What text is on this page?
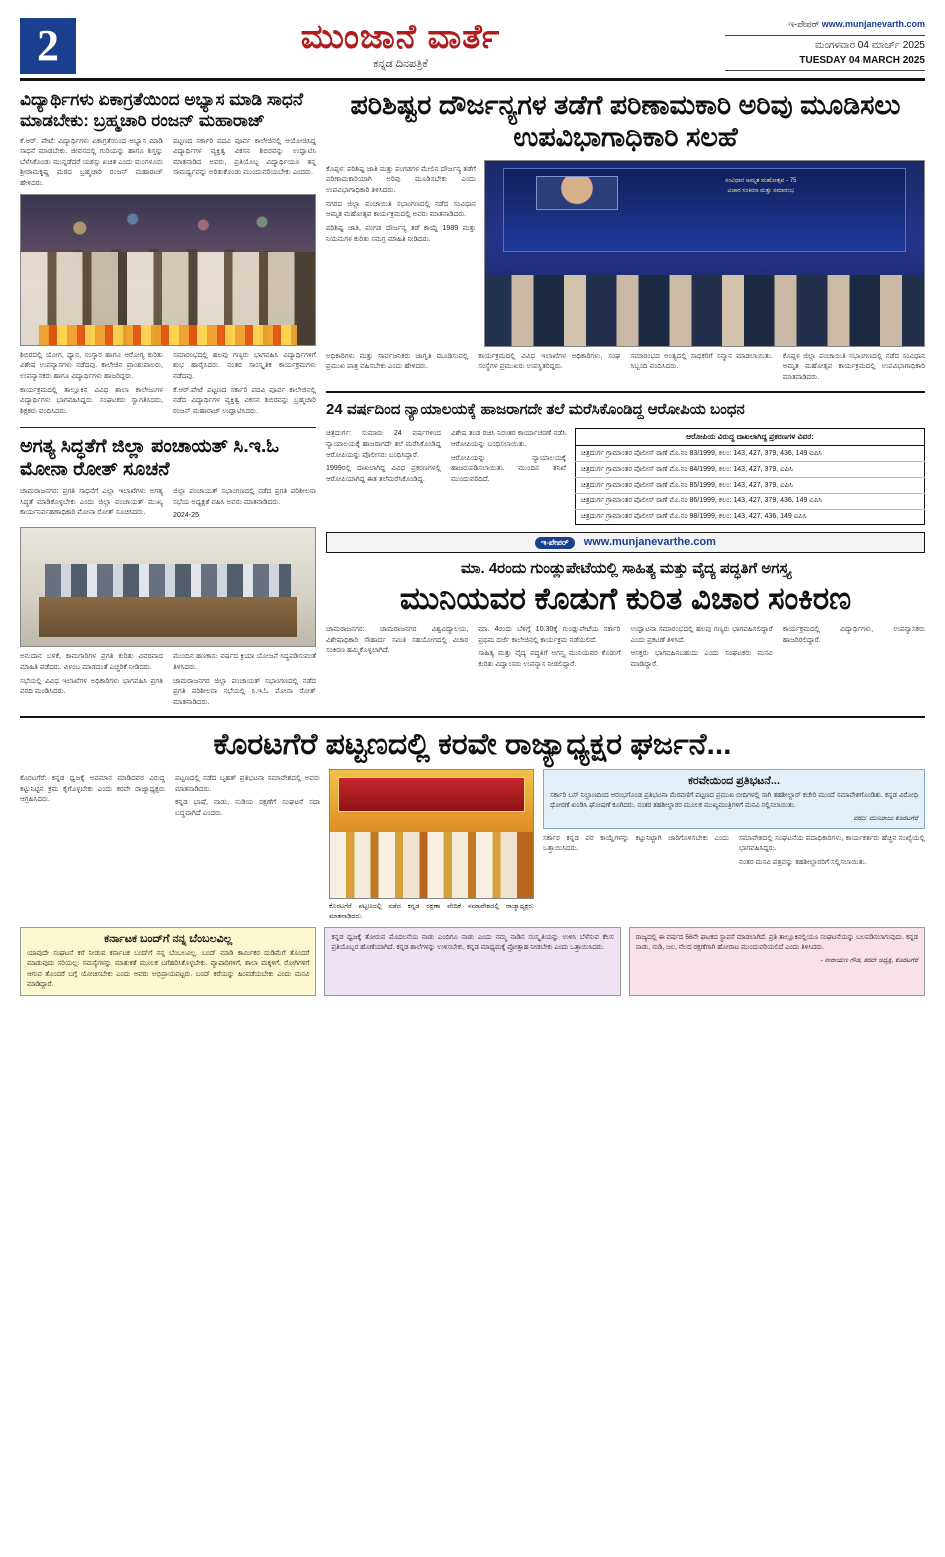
2	ಮುಂಜಾನೆ ವಾರ್ತೆ
ಕನ್ನಡ ದಿನಪತ್ರಿಕೆ
ಇ-ಪೇಪರ್ www.munjanevarth.com
ಮಂಗಳವಾರ 04 ಮಾರ್ಚ್ 2025
TUESDAY 04 MARCH 2025
ವಿದ್ಯಾರ್ಥಿಗಳು ಏಕಾಗ್ರತೆಯಿಂದ ಅಭ್ಯಾಸ ಮಾಡಿ ಸಾಧನೆ ಮಾಡಬೇಕು: ಬ್ರಹ್ಮಚಾರಿ ರಂಜನ್ ಮಹಾರಾಜ್

ಕೆ.ಆರ್. ಪೇಟೆ: ವಿದ್ಯಾರ್ಥಿಗಳು ಏಕಾಗ್ರತೆಯಿಂದ ಅಭ್ಯಾಸ ಮಾಡಿ ಸಾಧನೆ ಮಾಡಬೇಕು. ಜೀವನದಲ್ಲಿ ಗುರಿಯನ್ನು ಹಾಗೂ ಶಿಸ್ತನ್ನು ಬೆಳೆಸಿಕೊಂಡು ಮುನ್ನಡೆದರೆ ಯಶಸ್ಸು ಖಚಿತ ಎಂದು ಮಂಗಳೂರು ಶ್ರೀರಾಮಕೃಷ್ಣ ಮಠದ ಬ್ರಹ್ಮಚಾರಿ ರಂಜನ್ ಮಹಾರಾಜ್ ಹೇಳಿದರು.

ಪಟ್ಟಣದ ಸರ್ಕಾರಿ ಪದವಿ ಪೂರ್ವ ಕಾಲೇಜಿನಲ್ಲಿ ಆಯೋಜಿಸಿದ್ದ ವಿದ್ಯಾರ್ಥಿಗಳ ವ್ಯಕ್ತಿತ್ವ ವಿಕಸನ ಶಿಬಿರವನ್ನು ಉದ್ಘಾಟಿಸಿ ಮಾತನಾಡಿದ ಅವರು, ಪ್ರತಿಯೊಬ್ಬ ವಿದ್ಯಾರ್ಥಿಯೂ ತನ್ನ ಸಾಮರ್ಥ್ಯವನ್ನು ಅರಿತುಕೊಂಡು ಮುಂದುವರಿಯಬೇಕು ಎಂದರು.

ಶಿಬಿರದಲ್ಲಿ ಯೋಗ, ಧ್ಯಾನ, ಸಂಸ್ಕಾರ ಹಾಗೂ ಆರೋಗ್ಯ ಕುರಿತು ವಿಶೇಷ ಉಪನ್ಯಾಸಗಳು ನಡೆದವು. ಕಾಲೇಜಿನ ಪ್ರಾಂಶುಪಾಲರು, ಉಪನ್ಯಾಸಕರು ಹಾಗೂ ವಿದ್ಯಾರ್ಥಿಗಳು ಹಾಜರಿದ್ದರು.

ಕಾರ್ಯಕ್ರಮದಲ್ಲಿ ತಾಲ್ಲೂಕಿನ ವಿವಿಧ ಶಾಲಾ ಕಾಲೇಜುಗಳ ವಿದ್ಯಾರ್ಥಿಗಳು ಭಾಗವಹಿಸಿದ್ದರು. ಸಂಘಟಕರು ಸ್ವಾಗತಿಸಿದರು, ಶಿಕ್ಷಕರು ವಂದಿಸಿದರು.

ಸಮಾರಂಭದಲ್ಲಿ ಹಲವು ಗಣ್ಯರು ಭಾಗವಹಿಸಿ ವಿದ್ಯಾರ್ಥಿಗಳಿಗೆ ಶುಭ ಹಾರೈಸಿದರು. ನಂತರ ಸಾಂಸ್ಕೃತಿಕ ಕಾರ್ಯಕ್ರಮಗಳು ನಡೆದವು.

ಕೆ.ಆರ್.ಪೇಟೆ ಪಟ್ಟಣದ ಸರ್ಕಾರಿ ಪದವಿ ಪೂರ್ವ ಕಾಲೇಜಿನಲ್ಲಿ ನಡೆದ ವಿದ್ಯಾರ್ಥಿಗಳ ವ್ಯಕ್ತಿತ್ವ ವಿಕಸನ ಶಿಬಿರವನ್ನು ಬ್ರಹ್ಮಚಾರಿ ರಂಜನ್ ಮಹಾರಾಜ್ ಉದ್ಘಾಟಿಸಿದರು.

ಅಗತ್ಯ ಸಿದ್ಧತೆಗೆ ಜಿಲ್ಲಾ ಪಂಚಾಯತ್ ಸಿ.ಇ.ಓ ಮೋನಾ ರೋತ್ ಸೂಚನೆ

ಚಾಮರಾಜನಗರ: ಪ್ರಗತಿ ಸಾಧನೆಗೆ ಎಲ್ಲಾ ಇಲಾಖೆಗಳು ಅಗತ್ಯ ಸಿದ್ಧತೆ ಮಾಡಿಕೊಳ್ಳಬೇಕು ಎಂದು ಜಿಲ್ಲಾ ಪಂಚಾಯತ್ ಮುಖ್ಯ ಕಾರ್ಯನಿರ್ವಹಣಾಧಿಕಾರಿ ಮೋನಾ ರೋತ್ ಸೂಚಿಸಿದರು.

ಜಿಲ್ಲಾ ಪಂಚಾಯತ್ ಸಭಾಂಗಣದಲ್ಲಿ ನಡೆದ ಪ್ರಗತಿ ಪರಿಶೀಲನಾ ಸಭೆಯ ಅಧ್ಯಕ್ಷತೆ ವಹಿಸಿ ಅವರು ಮಾತನಾಡಿದರು.

2024-25

ಅನುದಾನ ಬಳಕೆ, ಕಾಮಗಾರಿಗಳ ಪ್ರಗತಿ ಕುರಿತು ವಿವರವಾದ ಮಾಹಿತಿ ಪಡೆದರು. ವಿಳಂಬ ಮಾಡದಂತೆ ಎಚ್ಚರಿಕೆ ನೀಡಿದರು.

ಸಭೆಯಲ್ಲಿ ವಿವಿಧ ಇಲಾಖೆಗಳ ಅಧಿಕಾರಿಗಳು ಭಾಗವಹಿಸಿ ಪ್ರಗತಿ ವರದಿ ಮಂಡಿಸಿದರು.

ಮುಂದಿನ ಹಣಕಾಸು ವರ್ಷದ ಕ್ರಿಯಾ ಯೋಜನೆ ಸಿದ್ಧಪಡಿಸುವಂತೆ ತಿಳಿಸಿದರು.

ಚಾಮರಾಜನಗರ ಜಿಲ್ಲಾ ಪಂಚಾಯತ್ ಸಭಾಂಗಣದಲ್ಲಿ ನಡೆದ ಪ್ರಗತಿ ಪರಿಶೀಲನಾ ಸಭೆಯಲ್ಲಿ ಸಿ.ಇ.ಓ ಮೋನಾ ರೋತ್ ಮಾತನಾಡಿದರು.

ಪರಿಶಿಷ್ಟರ ದೌರ್ಜನ್ಯಗಳ ತಡೆಗೆ ಪರಿಣಾಮಕಾರಿ ಅರಿವು ಮೂಡಿಸಲು ಉಪವಿಭಾಗಾಧಿಕಾರಿ ಸಲಹೆ

ಕೊಪ್ಪಳ: ಪರಿಶಿಷ್ಟ ಜಾತಿ ಮತ್ತು ಪಂಗಡಗಳ ಮೇಲಿನ ದೌರ್ಜನ್ಯ ತಡೆಗೆ ಪರಿಣಾಮಕಾರಿಯಾಗಿ ಅರಿವು ಮೂಡಿಸಬೇಕು ಎಂದು ಉಪವಿಭಾಗಾಧಿಕಾರಿ ತಿಳಿಸಿದರು.

ನಗರದ ಜಿಲ್ಲಾ ಪಂಚಾಯಿತಿ ಸಭಾಂಗಣದಲ್ಲಿ ನಡೆದ ಸಂವಿಧಾನ ಅಮೃತ ಮಹೋತ್ಸವ ಕಾರ್ಯಕ್ರಮದಲ್ಲಿ ಅವರು ಮಾತನಾಡಿದರು.

ಪರಿಶಿಷ್ಟ ಜಾತಿ, ಪಂಗಡ ದೌರ್ಜನ್ಯ ತಡೆ ಕಾಯ್ದೆ 1989 ಮತ್ತು ನಿಯಮಗಳ ಕುರಿತು ಸಮಗ್ರ ಮಾಹಿತಿ ನೀಡಿದರು.

ಸಂವಿಧಾನ ಅಮೃತ ಮಹೋತ್ಸವ - 75
ವಿಚಾರ ಸಂಕಿರಣ ಮತ್ತು ಸಮಾರಂಭ

ಅಧಿಕಾರಿಗಳು ಮತ್ತು ಸಾರ್ವಜನಿಕರು ಜಾಗೃತಿ ಮೂಡಿಸುವಲ್ಲಿ ಪ್ರಮುಖ ಪಾತ್ರ ವಹಿಸಬೇಕು ಎಂದು ಹೇಳಿದರು.

ಕಾರ್ಯಕ್ರಮದಲ್ಲಿ ವಿವಿಧ ಇಲಾಖೆಗಳ ಅಧಿಕಾರಿಗಳು, ಸಂಘ ಸಂಸ್ಥೆಗಳ ಪ್ರಮುಖರು ಉಪಸ್ಥಿತರಿದ್ದರು.

ಸಮಾರಂಭದ ಅಂತ್ಯದಲ್ಲಿ ಸಾಧಕರಿಗೆ ಸನ್ಮಾನ ಮಾಡಲಾಯಿತು. ಸಿಬ್ಬಂದಿ ವಂದಿಸಿದರು.

ಕೊಪ್ಪಳ ಜಿಲ್ಲಾ ಪಂಚಾಯಿತಿ ಸಭಾಂಗಣದಲ್ಲಿ ನಡೆದ ಸಂವಿಧಾನ ಅಮೃತ ಮಹೋತ್ಸವ ಕಾರ್ಯಕ್ರಮದಲ್ಲಿ ಉಪವಿಭಾಗಾಧಿಕಾರಿ ಮಾತನಾಡಿದರು.

24 ವರ್ಷದಿಂದ ನ್ಯಾಯಾಲಯಕ್ಕೆ ಹಾಜರಾಗದೇ ತಲೆ ಮರೆಸಿಕೊಂಡಿದ್ದ ಆರೋಪಿಯ ಬಂಧನ

ಚಿತ್ರದುರ್ಗ: ಸುಮಾರು 24 ವರ್ಷಗಳಿಂದ ನ್ಯಾಯಾಲಯಕ್ಕೆ ಹಾಜರಾಗದೇ ತಲೆ ಮರೆಸಿಕೊಂಡಿದ್ದ ಆರೋಪಿಯನ್ನು ಪೊಲೀಸರು ಬಂಧಿಸಿದ್ದಾರೆ.

1999ರಲ್ಲಿ ದಾಖಲಾಗಿದ್ದ ವಿವಿಧ ಪ್ರಕರಣಗಳಲ್ಲಿ ಆರೋಪಿಯಾಗಿದ್ದ ಈತ ತಲೆಮರೆಸಿಕೊಂಡಿದ್ದ.

ವಿಶೇಷ ತಂಡ ರಚಿಸಿ ನಿರಂತರ ಕಾರ್ಯಾಚರಣೆ ನಡೆಸಿ ಆರೋಪಿಯನ್ನು ಬಂಧಿಸಲಾಯಿತು.

ಆರೋಪಿಯನ್ನು ನ್ಯಾಯಾಲಯಕ್ಕೆ ಹಾಜರುಪಡಿಸಲಾಯಿತು. ಮುಂದಿನ ತನಿಖೆ ಮುಂದುವರಿದಿದೆ.

ಆರೋಪಿಯ ವಿರುದ್ಧ ದಾಖಲಾಗಿದ್ದ ಪ್ರಕರಣಗಳ ವಿವರ:
ಚಿತ್ರದುರ್ಗ ಗ್ರಾಮಾಂತರ ಪೊಲೀಸ್ ಠಾಣೆ ಮೊ.ನಂ 83/1999, ಕಲಂ: 143, 427, 379, 436, 149 ಐಪಿಸಿ
ಚಿತ್ರದುರ್ಗ ಗ್ರಾಮಾಂತರ ಪೊಲೀಸ್ ಠಾಣೆ ಮೊ.ನಂ 84/1999, ಕಲಂ: 143, 427, 379, ಐಪಿಸಿ
ಚಿತ್ರದುರ್ಗ ಗ್ರಾಮಾಂತರ ಪೊಲೀಸ್ ಠಾಣೆ ಮೊ.ನಂ 85/1999, ಕಲಂ: 143, 427, 379, ಐಪಿಸಿ
ಚಿತ್ರದುರ್ಗ ಗ್ರಾಮಾಂತರ ಪೊಲೀಸ್ ಠಾಣೆ ಮೊ.ನಂ 86/1999, ಕಲಂ: 143, 427, 379, 436, 149 ಐಪಿಸಿ
ಚಿತ್ರದುರ್ಗ ಗ್ರಾಮಾಂತರ ಪೊಲೀಸ್ ಠಾಣೆ ಮೊ.ನಂ 98/1999, ಕಲಂ: 143, 427, 436, 149 ಐಪಿಸಿ
ಇ-ಪೇಪರ್ www.munjanevarthe.com
ಮಾ. 4ರಂದು ಗುಂಡ್ಲುಪೇಟೆಯಲ್ಲಿ ಸಾಹಿತ್ಯ ಮತ್ತು ವೈದ್ಯ ಪದ್ಧತಿಗೆ ಅಗಸ್ತ್ಯ
ಮುನಿಯವರ ಕೊಡುಗೆ ಕುರಿತ ವಿಚಾರ ಸಂಕಿರಣ

ಚಾಮರಾಜನಗರ: ಚಾಮರಾಜನಗರ ವಿಶ್ವವಿದ್ಯಾಲಯ, ವಿಶೇಷಾಧಿಕಾರಿ ಸೌಹಾರ್ದ ಸಮಿತಿ ಸಹಯೋಗದಲ್ಲಿ ವಿಚಾರ ಸಂಕಿರಣ ಹಮ್ಮಿಕೊಳ್ಳಲಾಗಿದೆ.

ಮಾ. 4ರಂದು ಬೆಳಿಗ್ಗೆ 10.30ಕ್ಕೆ ಗುಂಡ್ಲುಪೇಟೆಯ ಸರ್ಕಾರಿ ಪ್ರಥಮ ದರ್ಜೆ ಕಾಲೇಜಿನಲ್ಲಿ ಕಾರ್ಯಕ್ರಮ ನಡೆಯಲಿದೆ.

ಸಾಹಿತ್ಯ ಮತ್ತು ವೈದ್ಯ ಪದ್ಧತಿಗೆ ಅಗಸ್ತ್ಯ ಮುನಿಯವರ ಕೊಡುಗೆ ಕುರಿತು ವಿದ್ವಾಂಸರು ಉಪನ್ಯಾಸ ನೀಡಲಿದ್ದಾರೆ.

ಉದ್ಘಾಟನಾ ಸಮಾರಂಭದಲ್ಲಿ ಹಲವು ಗಣ್ಯರು ಭಾಗವಹಿಸಲಿದ್ದಾರೆ ಎಂದು ಪ್ರಕಟಣೆ ತಿಳಿಸಿದೆ.

ಆಸಕ್ತರು ಭಾಗವಹಿಸಬಹುದು ಎಂದು ಸಂಘಟಕರು ಮನವಿ ಮಾಡಿದ್ದಾರೆ.

ಕಾರ್ಯಕ್ರಮದಲ್ಲಿ ವಿದ್ಯಾರ್ಥಿಗಳು, ಉಪನ್ಯಾಸಕರು ಹಾಜರಿರಲಿದ್ದಾರೆ.

ಕೊರಟಗೆರೆ ಪಟ್ಟಣದಲ್ಲಿ ಕರವೇ ರಾಜ್ಯಾಧ್ಯಕ್ಷರ ಘರ್ಜನೆ...

ಕೊರಟಗೆರೆ: ಕನ್ನಡ ಧ್ವಜಕ್ಕೆ ಅವಮಾನ ಮಾಡಿದವರ ವಿರುದ್ಧ ಕಟ್ಟುನಿಟ್ಟಿನ ಕ್ರಮ ಕೈಗೊಳ್ಳಬೇಕು ಎಂದು ಕರವೇ ರಾಜ್ಯಾಧ್ಯಕ್ಷರು ಆಗ್ರಹಿಸಿದರು.

ಪಟ್ಟಣದಲ್ಲಿ ನಡೆದ ಬೃಹತ್ ಪ್ರತಿಭಟನಾ ಸಮಾವೇಶದಲ್ಲಿ ಅವರು ಮಾತನಾಡಿದರು.

ಕನ್ನಡ ಭಾಷೆ, ನಾಡು, ನುಡಿಯ ರಕ್ಷಣೆಗೆ ಸಂಘಟನೆ ಸದಾ ಬದ್ಧವಾಗಿದೆ ಎಂದರು.

ಕೊರಟಗೆರೆ ಪಟ್ಟಣದಲ್ಲಿ ನಡೆದ ಕನ್ನಡ ರಕ್ಷಣಾ ವೇದಿಕೆ ಸಮಾವೇಶದಲ್ಲಿ ರಾಜ್ಯಾಧ್ಯಕ್ಷರು ಮಾತನಾಡಿದರು.
ಕರವೇಯಿಂದ ಪ್ರತಿಭಟನೆ...
ಸರ್ಕಾರಿ ಬಸ್ ನಿಲ್ದಾಣದಿಂದ ಆರಂಭಗೊಂಡ ಪ್ರತಿಭಟನಾ ಮೆರವಣಿಗೆ ಪಟ್ಟಣದ ಪ್ರಮುಖ ಬೀದಿಗಳಲ್ಲಿ ಸಾಗಿ ತಹಶೀಲ್ದಾರ್ ಕಚೇರಿ ಮುಂದೆ ಸಮಾವೇಶಗೊಂಡಿತು. ಕನ್ನಡ ವಿರೋಧಿ ಧೋರಣೆ ಖಂಡಿಸಿ ಘೋಷಣೆ ಕೂಗಿದರು. ನಂತರ ತಹಶೀಲ್ದಾರರ ಮೂಲಕ ಮುಖ್ಯಮಂತ್ರಿಗಳಿಗೆ ಮನವಿ ಸಲ್ಲಿಸಲಾಯಿತು.
ವರದಿ: ಮುನಿರಾಜು ಕೊರಟಗೆರೆ

ಸರ್ಕಾರ ಕನ್ನಡ ಪರ ಕಾಯ್ದೆಗಳನ್ನು ಕಟ್ಟುನಿಟ್ಟಾಗಿ ಜಾರಿಗೊಳಿಸಬೇಕು ಎಂದು ಒತ್ತಾಯಿಸಿದರು.

ಸಮಾವೇಶದಲ್ಲಿ ಸಂಘಟನೆಯ ಪದಾಧಿಕಾರಿಗಳು, ಕಾರ್ಯಕರ್ತರು ಹೆಚ್ಚಿನ ಸಂಖ್ಯೆಯಲ್ಲಿ ಭಾಗವಹಿಸಿದ್ದರು.

ನಂತರ ಮನವಿ ಪತ್ರವನ್ನು ತಹಶೀಲ್ದಾರರಿಗೆ ಸಲ್ಲಿಸಲಾಯಿತು.

ಕರ್ನಾಟಕ ಬಂದ್‌ಗೆ ನನ್ನ ಬೆಂಬಲವಿಲ್ಲ
ಯಾವುದೇ ಸಂಘಟನೆ ಕರೆ ನೀಡುವ ಕರ್ನಾಟಕ ಬಂದ್‌ಗೆ ನನ್ನ ಬೆಂಬಲವಿಲ್ಲ. ಬಂದ್ ಮಾಡಿ ಕಾರ್ಮಿಕರ ದುಡಿಮೆಗೆ ತೊಂದರೆ ಮಾಡುವುದು ಸರಿಯಲ್ಲ. ಸಮಸ್ಯೆಗಳನ್ನು ಮಾತುಕತೆ ಮೂಲಕ ಬಗೆಹರಿಸಿಕೊಳ್ಳಬೇಕು. ವ್ಯಾಪಾರಿಗಳಿಗೆ, ಶಾಲಾ ಮಕ್ಕಳಿಗೆ, ರೋಗಿಗಳಿಗೆ ಆಗುವ ತೊಂದರೆ ಬಗ್ಗೆ ಯೋಚಿಸಬೇಕು ಎಂದು ಅವರು ಅಭಿಪ್ರಾಯಪಟ್ಟರು. ಬಂದ್ ಕರೆಯನ್ನು ಹಿಂಪಡೆಯಬೇಕು ಎಂದು ಮನವಿ ಮಾಡಿದ್ದಾರೆ.
ಕನ್ನಡ ಧ್ವಜಕ್ಕೆ ತೋರುವ ಮೊದಲನೆಯ ನಾಡು ಎಂದಿಗೂ ನಾಡು ಎಂದು ನಮ್ಮ ನಾಡಿನ ಸಂಸ್ಕೃತಿಯನ್ನು ಉಳಿಸಿ ಬೆಳೆಸುವ ಕೆಲಸ ಪ್ರತಿಯೊಬ್ಬರ ಹೊಣೆಯಾಗಿದೆ. ಕನ್ನಡ ಶಾಲೆಗಳನ್ನು ಉಳಿಸಬೇಕು, ಕನ್ನಡ ಮಾಧ್ಯಮಕ್ಕೆ ಪ್ರೋತ್ಸಾಹ ನೀಡಬೇಕು ಎಂದು ಒತ್ತಾಯಿಸಿದರು.
ರಾಜ್ಯದಲ್ಲಿ ಈ ವರ್ಷದ 56ನೇ ಘಟಕದ ಸ್ಥಾಪನೆ ಮಾಡಲಾಗಿದೆ. ಪ್ರತಿ ತಾಲ್ಲೂಕಿನಲ್ಲಿಯೂ ಸಂಘಟನೆಯನ್ನು ಬಲಪಡಿಸಲಾಗುವುದು. ಕನ್ನಡ ನಾಡು, ನುಡಿ, ಜಲ, ನೆಲದ ರಕ್ಷಣೆಗಾಗಿ ಹೋರಾಟ ಮುಂದುವರಿಯಲಿದೆ ಎಂದು ತಿಳಿಸಿದರು.
- ನಾರಾಯಣ ಗೌಡ, ಕರವೇ ಅಧ್ಯಕ್ಷ, ಕೊರಟಗೆರೆ
